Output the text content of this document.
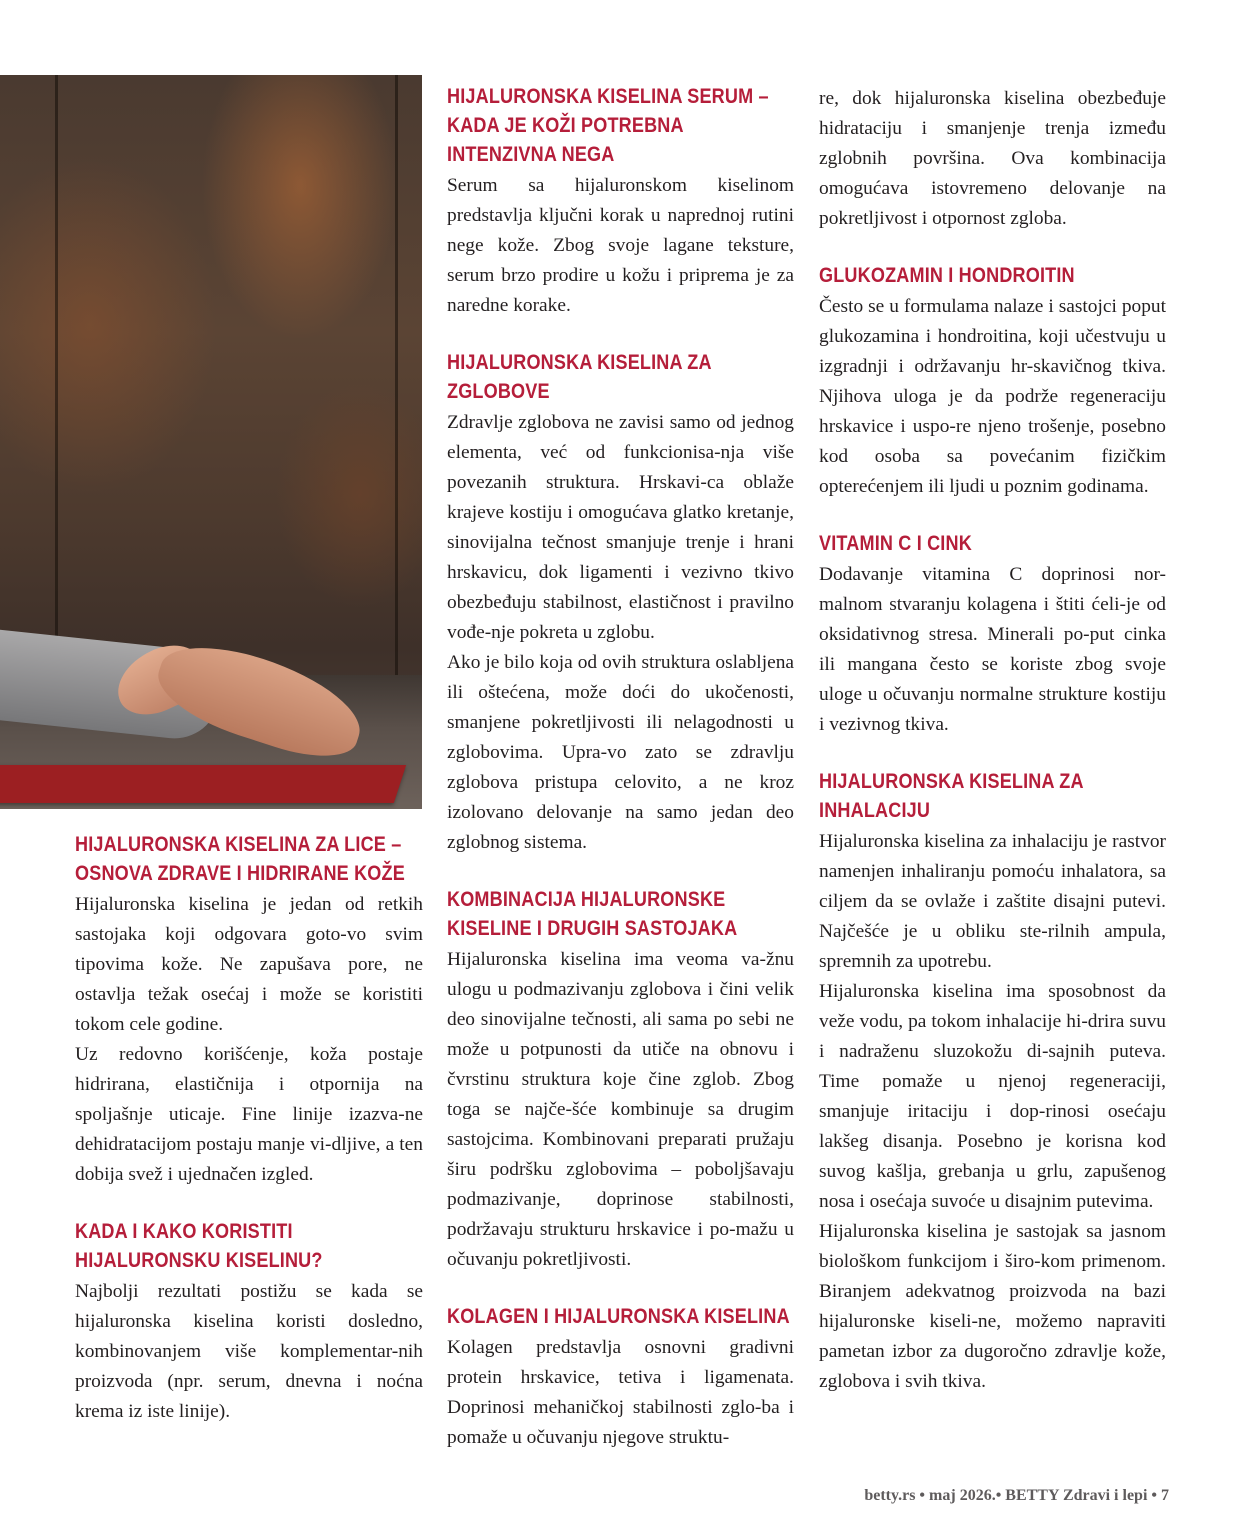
HIJALURONSKA KISELINA ZA LICE – OSNOVA ZDRAVE I HIDRIRANE KOŽE

Hijaluronska kiselina je jedan od retkih sastojaka koji odgovara goto-vo svim tipovima kože. Ne zapušava pore, ne ostavlja težak osećaj i može se koristiti tokom cele godine.

Uz redovno korišćenje, koža postaje hidrirana, elastičnija i otpornija na spoljašnje uticaje. Fine linije izazva-ne dehidratacijom postaju manje vi-dljive, a ten dobija svež i ujednačen izgled.

KADA I KAKO KORISTITI HIJALURONSKU KISELINU?

Najbolji rezultati postižu se kada se hijaluronska kiselina koristi dosledno, kombinovanjem više komplementar-nih proizvoda (npr. serum, dnevna i noćna krema iz iste linije).

HIJALURONSKA KISELINA SERUM – KADA JE KOŽI POTREBNA INTENZIVNA NEGA

Serum sa hijaluronskom kiselinom predstavlja ključni korak u naprednoj rutini nege kože. Zbog svoje lagane teksture, serum brzo prodire u kožu i priprema je za naredne korake.

HIJALURONSKA KISELINA ZA ZGLOBOVE

Zdravlje zglobova ne zavisi samo od jednog elementa, već od funkcionisa-nja više povezanih struktura. Hrskavi-ca oblaže krajeve kostiju i omogućava glatko kretanje, sinovijalna tečnost smanjuje trenje i hrani hrskavicu, dok ligamenti i vezivno tkivo obezbeđuju stabilnost, elastičnost i pravilno vođe-nje pokreta u zglobu.

Ako je bilo koja od ovih struktura oslabljena ili oštećena, može doći do ukočenosti, smanjene pokretljivosti ili nelagodnosti u zglobovima. Upra-vo zato se zdravlju zglobova pristupa celovito, a ne kroz izolovano delovanje na samo jedan deo zglobnog sistema.

KOMBINACIJA HIJALURONSKE KISELINE I DRUGIH SASTOJAKA

Hijaluronska kiselina ima veoma va-žnu ulogu u podmazivanju zglobova i čini velik deo sinovijalne tečnosti, ali sama po sebi ne može u potpunosti da utiče na obnovu i čvrstinu struktura koje čine zglob. Zbog toga se najče-šće kombinuje sa drugim sastojcima. Kombinovani preparati pružaju širu podršku zglobovima – poboljšavaju podmazivanje, doprinose stabilnosti, podržavaju strukturu hrskavice i po-mažu u očuvanju pokretljivosti.

KOLAGEN I HIJALURONSKA KISELINA

Kolagen predstavlja osnovni gradivni protein hrskavice, tetiva i ligamenata. Doprinosi mehaničkoj stabilnosti zglo-ba i pomaže u očuvanju njegove struktu-

re, dok hijaluronska kiselina obezbeđuje hidrataciju i smanjenje trenja između zglobnih površina. Ova kombinacija omogućava istovremeno delovanje na pokretljivost i otpornost zgloba.

GLUKOZAMIN I HONDROITIN

Često se u formulama nalaze i sastojci poput glukozamina i hondroitina, koji učestvuju u izgradnji i održavanju hr-skavičnog tkiva. Njihova uloga je da podrže regeneraciju hrskavice i uspo-re njeno trošenje, posebno kod osoba sa povećanim fizičkim opterećenjem ili ljudi u poznim godinama.

VITAMIN C I CINK

Dodavanje vitamina C doprinosi nor-malnom stvaranju kolagena i štiti ćeli-je od oksidativnog stresa. Minerali po-put cinka ili mangana često se koriste zbog svoje uloge u očuvanju normalne strukture kostiju i vezivnog tkiva.

HIJALURONSKA KISELINA ZA INHALACIJU

Hijaluronska kiselina za inhalaciju je rastvor namenjen inhaliranju pomoću inhalatora, sa ciljem da se ovlaže i zaštite disajni putevi. Najčešće je u obliku ste-rilnih ampula, spremnih za upotrebu.

Hijaluronska kiselina ima sposobnost da veže vodu, pa tokom inhalacije hi-drira suvu i nadraženu sluzokožu di-sajnih puteva. Time pomaže u njenoj regeneraciji, smanjuje iritaciju i dop-rinosi osećaju lakšeg disanja. Posebno je korisna kod suvog kašlja, grebanja u grlu, zapušenog nosa i osećaja suvoće u disajnim putevima.

Hijaluronska kiselina je sastojak sa jasnom biološkom funkcijom i širo-kom primenom. Biranjem adekvatnog proizvoda na bazi hijaluronske kiseli-ne, možemo napraviti pametan izbor za dugoročno zdravlje kože, zglobova i svih tkiva.

betty.rs • maj 2026.• BETTY Zdravi i lepi • 7
